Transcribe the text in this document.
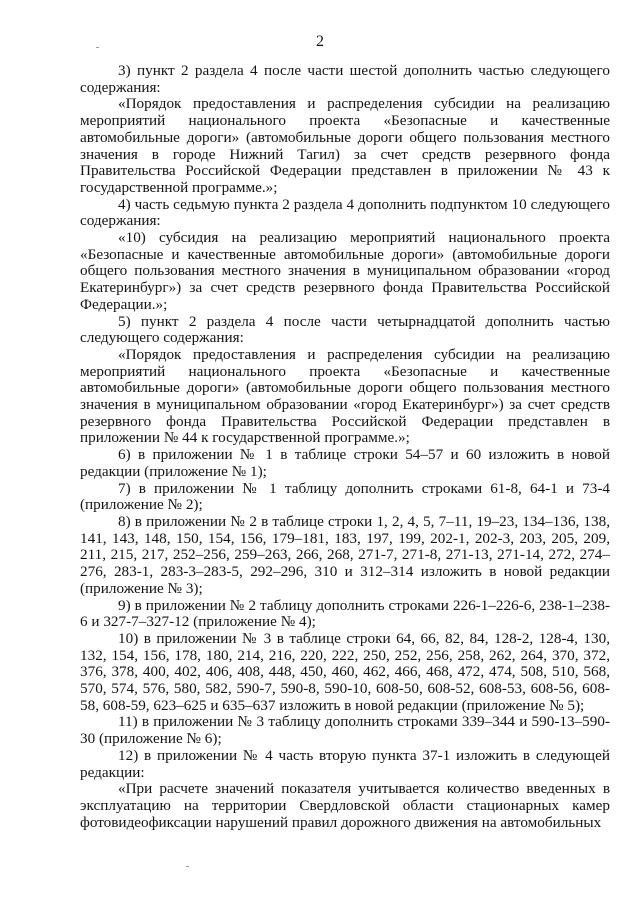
2

3) пункт 2 раздела 4 после части шестой дополнить частью следующего содержания:

«Порядок предоставления и распределения субсидии на реализацию мероприятий национального проекта «Безопасные и качественные автомобильные дороги» (автомобильные дороги общего пользования местного значения в городе Нижний Тагил) за счет средств резервного фонда Правительства Российской Федерации представлен в приложении № 43 к государственной программе.»;

4) часть седьмую пункта 2 раздела 4 дополнить подпунктом 10 следующего содержания:

«10) субсидия на реализацию мероприятий национального проекта «Безопасные и качественные автомобильные дороги» (автомобильные дороги общего пользования местного значения в муниципальном образовании «город Екатеринбург») за счет средств резервного фонда Правительства Российской Федерации.»;

5) пункт 2 раздела 4 после части четырнадцатой дополнить частью следующего содержания:

«Порядок предоставления и распределения субсидии на реализацию мероприятий национального проекта «Безопасные и качественные автомобильные дороги» (автомобильные дороги общего пользования местного значения в муниципальном образовании «город Екатеринбург») за счет средств резервного фонда Правительства Российской Федерации представлен в приложении № 44 к государственной программе.»;

6) в приложении № 1 в таблице строки 54–57 и 60 изложить в новой редакции (приложение № 1);

7) в приложении № 1 таблицу дополнить строками 61-8, 64-1 и 73-4 (приложение № 2);

8) в приложении № 2 в таблице строки 1, 2, 4, 5, 7–11, 19–23, 134–136, 138, 141, 143, 148, 150, 154, 156, 179–181, 183, 197, 199, 202-1, 202-3, 203, 205, 209, 211, 215, 217, 252–256, 259–263, 266, 268, 271-7, 271-8, 271-13, 271-14, 272, 274–276, 283-1, 283-3–283-5, 292–296, 310 и 312–314 изложить в новой редакции (приложение № 3);

9) в приложении № 2 таблицу дополнить строками 226-1–226-6, 238-1–238-6 и 327-7–327-12 (приложение № 4);

10) в приложении № 3 в таблице строки 64, 66, 82, 84, 128-2, 128-4, 130, 132, 154, 156, 178, 180, 214, 216, 220, 222, 250, 252, 256, 258, 262, 264, 370, 372, 376, 378, 400, 402, 406, 408, 448, 450, 460, 462, 466, 468, 472, 474, 508, 510, 568, 570, 574, 576, 580, 582, 590-7, 590-8, 590-10, 608-50, 608-52, 608-53, 608-56, 608-58, 608-59, 623–625 и 635–637 изложить в новой редакции (приложение № 5);

11) в приложении № 3 таблицу дополнить строками 339–344 и 590-13–590-30 (приложение № 6);

12) в приложении № 4 часть вторую пункта 37-1 изложить в следующей редакции:

«При расчете значений показателя учитывается количество введенных в эксплуатацию на территории Свердловской области стационарных камер фотовидеофиксации нарушений правил дорожного движения на автомобильных
